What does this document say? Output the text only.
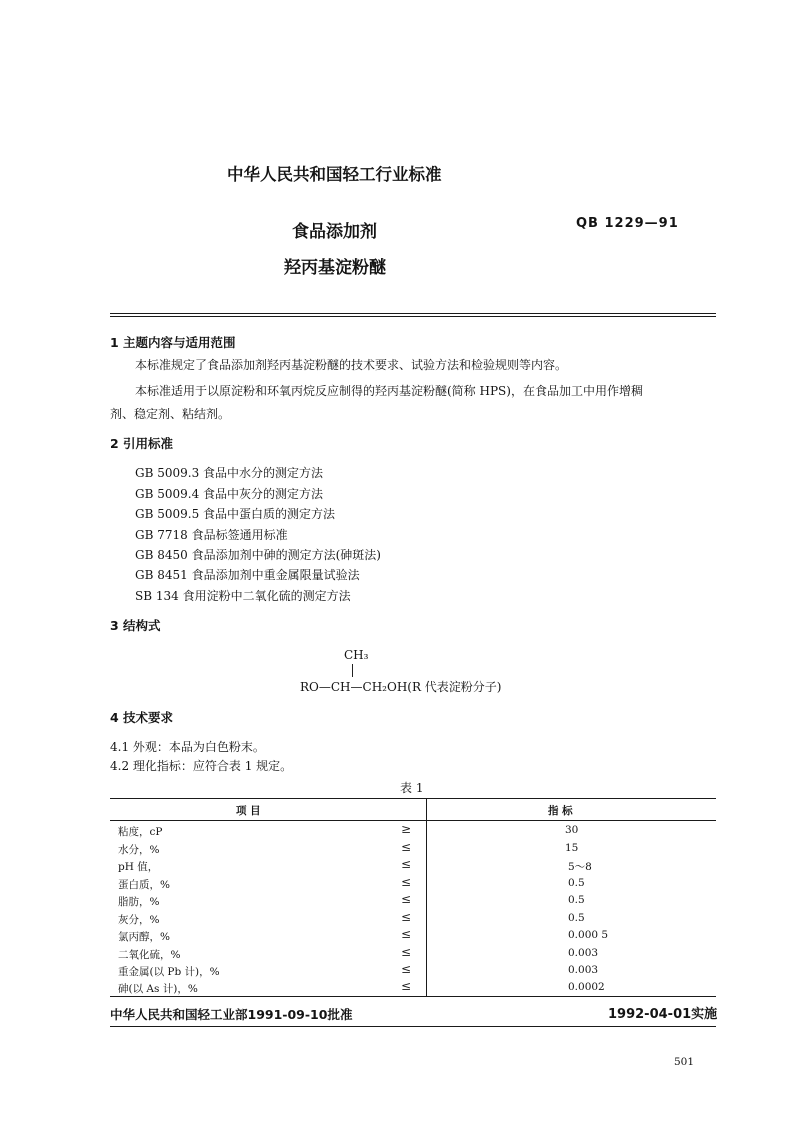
中华人民共和国轻工行业标准
食品添加剂
羟丙基淀粉醚
QB 1229—91
1 主题内容与适用范围
本标准规定了食品添加剂羟丙基淀粉醚的技术要求、试验方法和检验规则等内容。
本标准适用于以原淀粉和环氧丙烷反应制得的羟丙基淀粉醚(简称 HPS)，在食品加工中用作增稠
剂、稳定剂、粘结剂。
2 引用标准
GB 5009.3 食品中水分的测定方法
GB 5009.4 食品中灰分的测定方法
GB 5009.5 食品中蛋白质的测定方法
GB 7718 食品标签通用标准
GB 8450 食品添加剂中砷的测定方法(砷斑法)
GB 8451 食品添加剂中重金属限量试验法
SB 134 食用淀粉中二氧化硫的测定方法
3 结构式
CH₃
RO—CH—CH₂OH(R 代表淀粉分子)
4 技术要求
4.1 外观：本品为白色粉末。
4.2 理化指标：应符合表 1 规定。
表 1
项 目	指 标
粘度，cP	≥	30
水分，%	≤	15
pH 值，	≤	5～8
蛋白质，%	≤	0.5
脂肪，%	≤	0.5
灰分，%	≤	0.5
氯丙醇，%	≤	0.000 5
二氧化硫，%	≤	0.003
重金属(以 Pb 计)，%	≤	0.003
砷(以 As 计)，%	≤	0.0002
中华人民共和国轻工业部1991-09-10批准	1992-04-01实施
501
